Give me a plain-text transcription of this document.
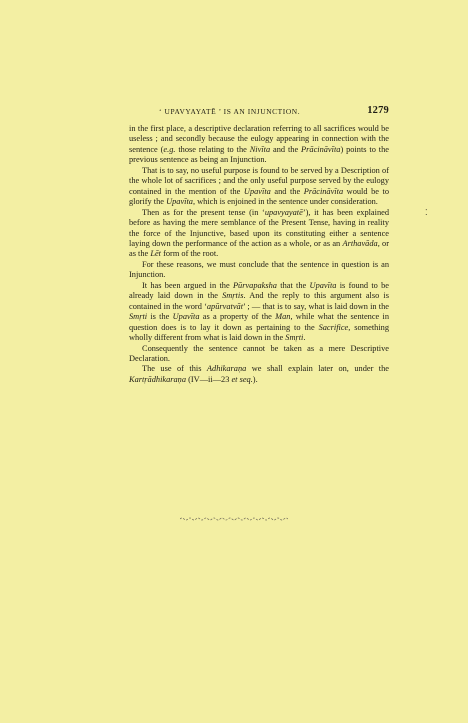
‘ UPAVYAYATĒ ’ IS AN INJUNCTION.	1279

in the first place, a descriptive declaration referring to all sacrifices would be useless ; and secondly because the eulogy appearing in connection with the sentence (e.g. those relating to the Nivīta and the Prācināvīta) points to the previous sentence as being an Injunction.

That is to say, no useful purpose is found to be served by a Description of the whole lot of sacrifices ; and the only useful purpose served by the eulogy contained in the mention of the Upavīta and the Prācināvīta would be to glorify the Upavīta, which is enjoined in the sentence under consideration.

Then as for the present tense (in ‘upavyayatē’), it has been explained before as having the mere semblance of the Present Tense, having in reality the force of the Injunctive, based upon its constituting either a sentence laying down the performance of the action as a whole, or as an Arthavāda, or as the Lēt form of the root.

For these reasons, we must conclude that the sentence in question is an Injunction.

It has been argued in the Pūrvapaksha that the Upavīta is found to be already laid down in the Smṛtis. And the reply to this argument also is contained in the word ‘apūrvatvāt’ ; — that is to say, what is laid down in the Smṛti is the Upavīta as a property of the Man, while what the sentence in question does is to lay it down as pertaining to the Sacrifice, something wholly different from what is laid down in the Smṛti.

Consequently the sentence cannot be taken as a mere Descriptive Declaration.

The use of this Adhikaraṇa we shall explain later on, under the Kartṛādhikaraṇa (IV—ii—23 et seq.).

⁚
